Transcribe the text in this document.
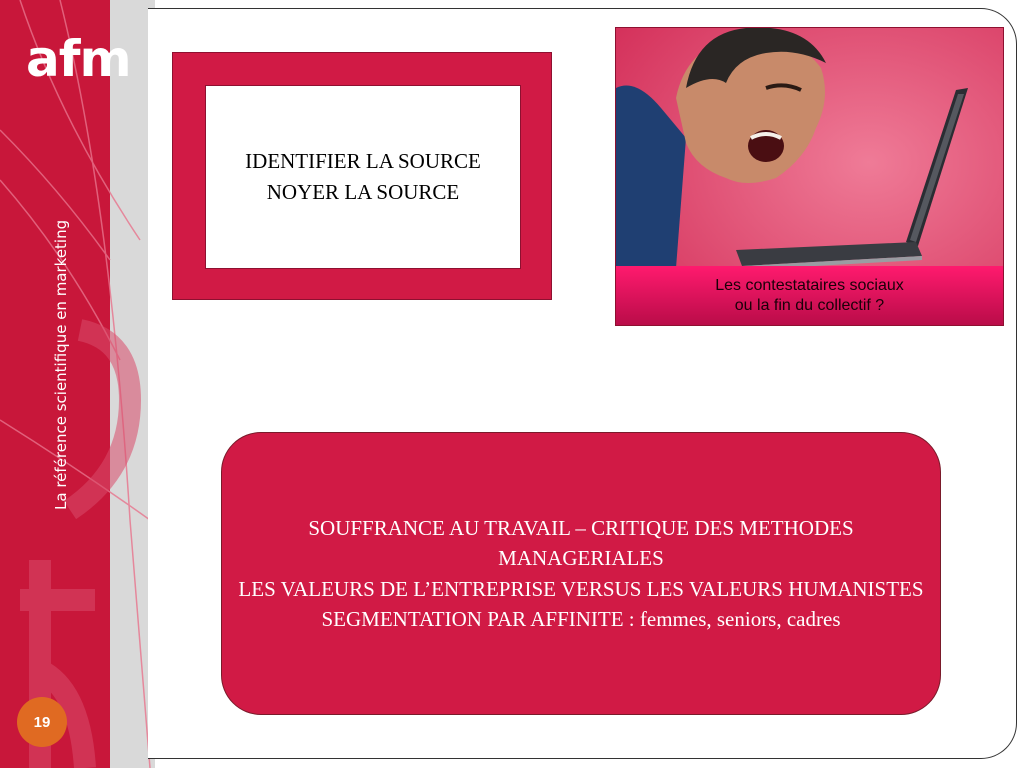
afm
La référence scientifique en marketing
19
IDENTIFIER LA SOURCE
NOYER LA SOURCE
Les contestataires sociaux
ou la fin du collectif ?
SOUFFRANCE AU TRAVAIL – CRITIQUE DES METHODES MANAGERIALES
LES VALEURS DE L’ENTREPRISE VERSUS LES VALEURS HUMANISTES
SEGMENTATION PAR AFFINITE : femmes, seniors, cadres
